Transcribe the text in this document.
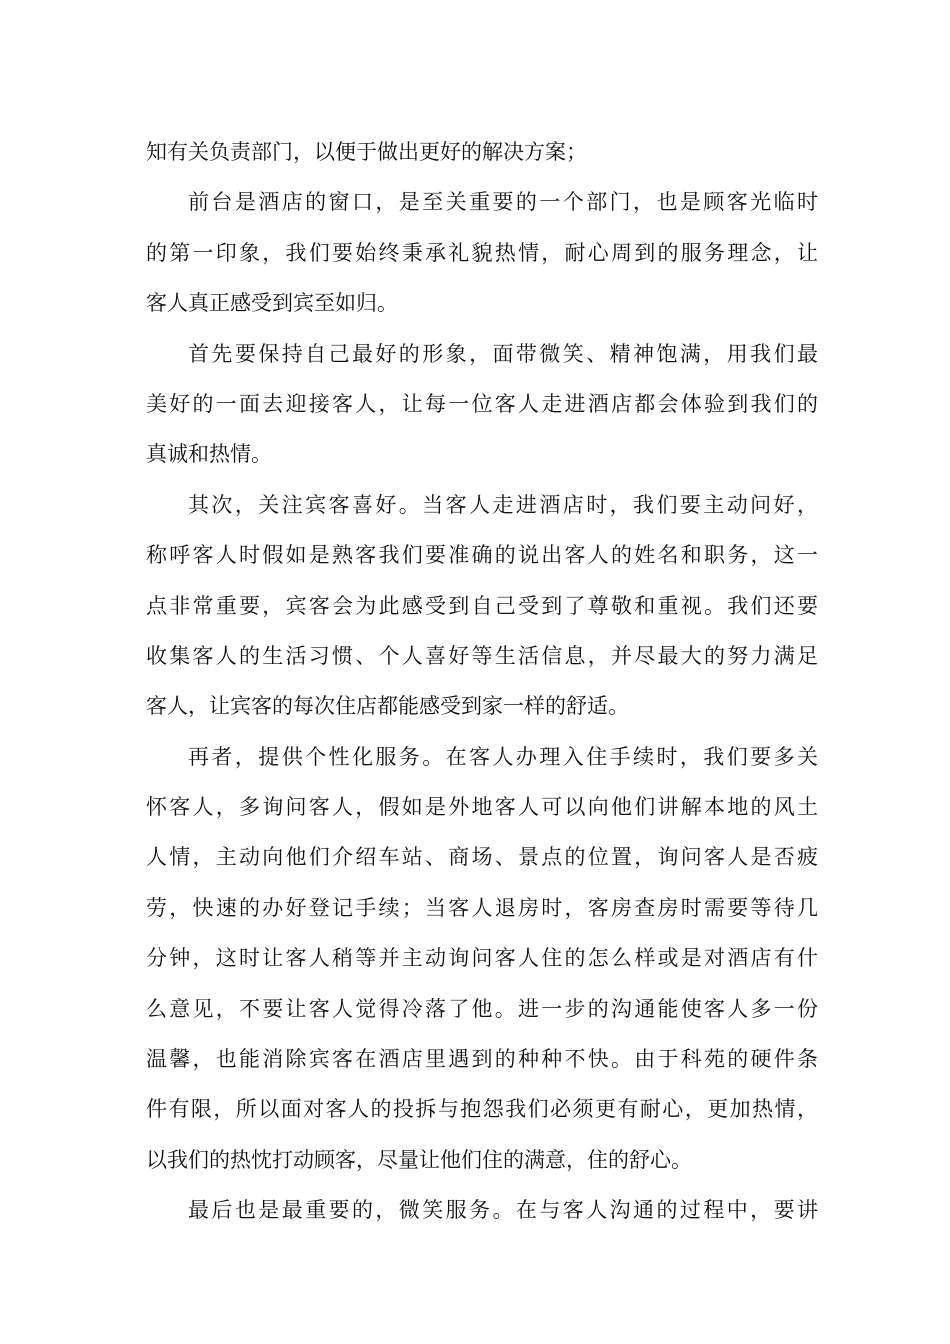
知有关负责部门，以便于做出更好的解决方案；
前台是酒店的窗口，是至关重要的一个部门，也是顾客光临时
的第一印象，我们要始终秉承礼貌热情，耐心周到的服务理念，让
客人真正感受到宾至如归。
首先要保持自己最好的形象，面带微笑、精神饱满，用我们最
美好的一面去迎接客人，让每一位客人走进酒店都会体验到我们的
真诚和热情。
其次，关注宾客喜好。当客人走进酒店时，我们要主动问好，
称呼客人时假如是熟客我们要准确的说出客人的姓名和职务，这一
点非常重要，宾客会为此感受到自己受到了尊敬和重视。我们还要
收集客人的生活习惯、个人喜好等生活信息，并尽最大的努力满足
客人，让宾客的每次住店都能感受到家一样的舒适。
再者，提供个性化服务。在客人办理入住手续时，我们要多关
怀客人，多询问客人，假如是外地客人可以向他们讲解本地的风土
人情，主动向他们介绍车站、商场、景点的位置，询问客人是否疲
劳，快速的办好登记手续；当客人退房时，客房查房时需要等待几
分钟，这时让客人稍等并主动询问客人住的怎么样或是对酒店有什
么意见，不要让客人觉得冷落了他。进一步的沟通能使客人多一份
温馨，也能消除宾客在酒店里遇到的种种不快。由于科苑的硬件条
件有限，所以面对客人的投拆与抱怨我们必须更有耐心，更加热情，
以我们的热忱打动顾客，尽量让他们住的满意，住的舒心。
最后也是最重要的，微笑服务。在与客人沟通的过程中，要讲
